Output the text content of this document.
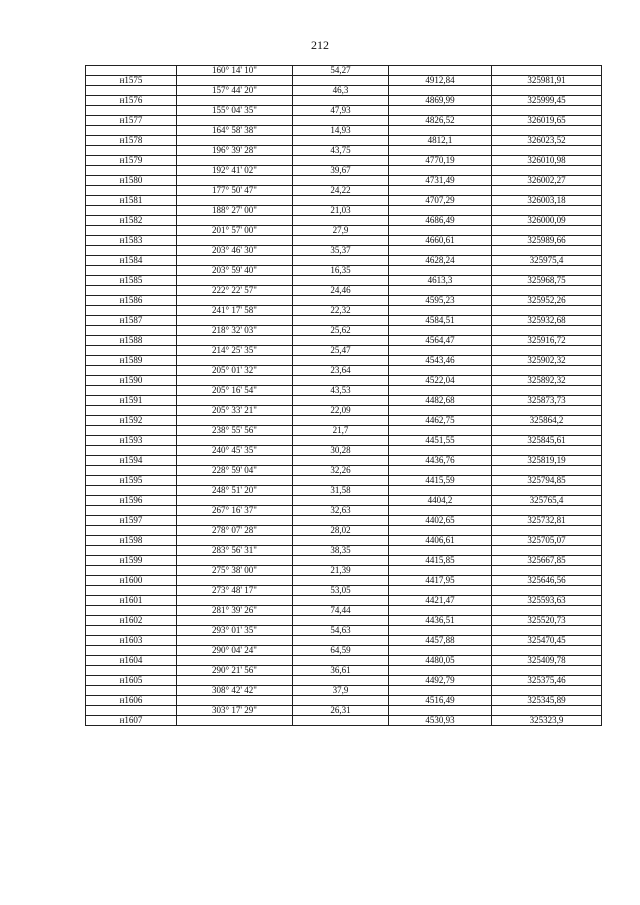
212
	160° 14' 10"	54,27		
н1575			4912,84	325981,91
	157° 44' 20"	46,3		
н1576			4869,99	325999,45
	155° 04' 35"	47,93		
н1577			4826,52	326019,65
	164° 58' 38"	14,93		
н1578			4812,1	326023,52
	196° 39' 28"	43,75		
н1579			4770,19	326010,98
	192° 41' 02"	39,67		
н1580			4731,49	326002,27
	177° 50' 47"	24,22		
н1581			4707,29	326003,18
	188° 27' 00"	21,03		
н1582			4686,49	326000,09
	201° 57' 00"	27,9		
н1583			4660,61	325989,66
	203° 46' 30"	35,37		
н1584			4628,24	325975,4
	203° 59' 40"	16,35		
н1585			4613,3	325968,75
	222° 22' 57"	24,46		
н1586			4595,23	325952,26
	241° 17' 58"	22,32		
н1587			4584,51	325932,68
	218° 32' 03"	25,62		
н1588			4564,47	325916,72
	214° 25' 35"	25,47		
н1589			4543,46	325902,32
	205° 01' 32"	23,64		
н1590			4522,04	325892,32
	205° 16' 54"	43,53		
н1591			4482,68	325873,73
	205° 33' 21"	22,09		
н1592			4462,75	325864,2
	238° 55' 56"	21,7		
н1593			4451,55	325845,61
	240° 45' 35"	30,28		
н1594			4436,76	325819,19
	228° 59' 04"	32,26		
н1595			4415,59	325794,85
	248° 51' 20"	31,58		
н1596			4404,2	325765,4
	267° 16' 37"	32,63		
н1597			4402,65	325732,81
	278° 07' 28"	28,02		
н1598			4406,61	325705,07
	283° 56' 31"	38,35		
н1599			4415,85	325667,85
	275° 38' 00"	21,39		
н1600			4417,95	325646,56
	273° 48' 17"	53,05		
н1601			4421,47	325593,63
	281° 39' 26"	74,44		
н1602			4436,51	325520,73
	293° 01' 35"	54,63		
н1603			4457,88	325470,45
	290° 04' 24"	64,59		
н1604			4480,05	325409,78
	290° 21' 56"	36,61		
н1605			4492,79	325375,46
	308° 42' 42"	37,9		
н1606			4516,49	325345,89
	303° 17' 29"	26,31		
н1607			4530,93	325323,9
